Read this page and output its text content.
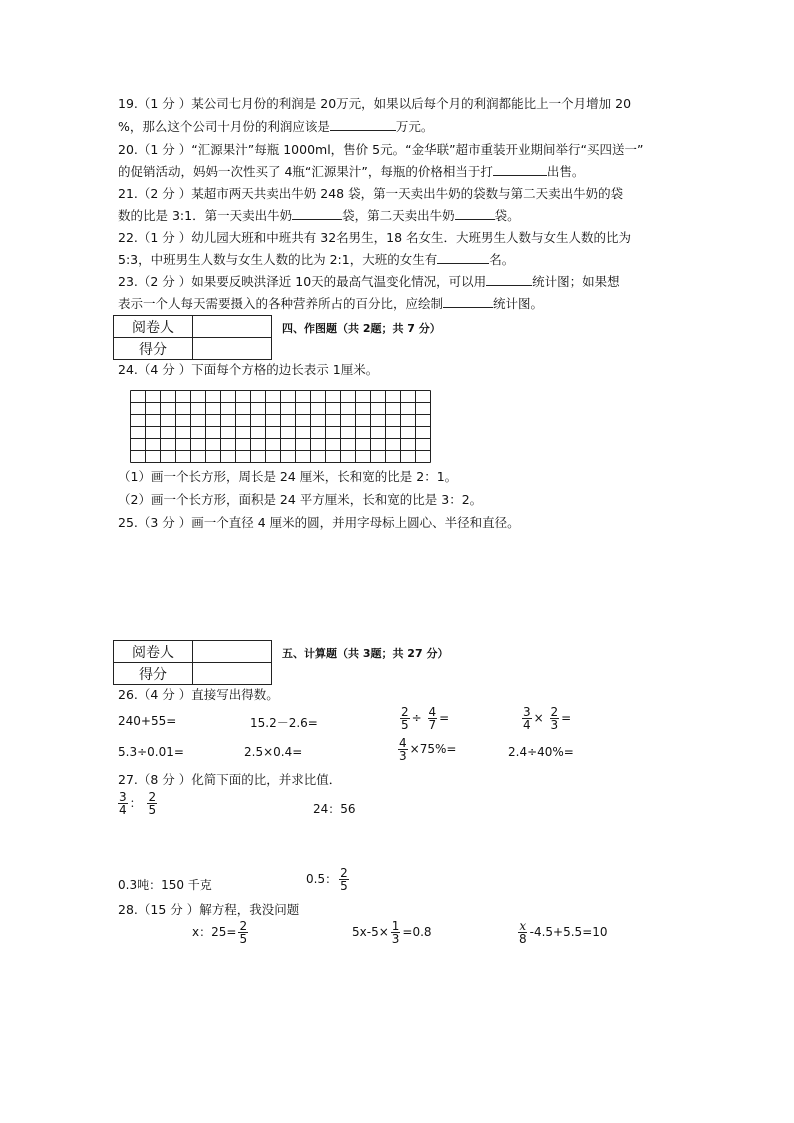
19.（1 分 ）某公司七月份的利润是 20万元，如果以后每个月的利润都能比上一个月增加 20
%，那么这个公司十月份的利润应该是	万元。
20.（1 分 ）“汇源果汁”每瓶 1000ml，售价 5元。“金华联”超市重装开业期间举行“买四送一”
的促销活动，妈妈一次性买了 4瓶“汇源果汁”，每瓶的价格相当于打	出售。
21.（2 分 ）某超市两天共卖出牛奶 248 袋，第一天卖出牛奶的袋数与第二天卖出牛奶的袋
数的比是 3:1．第一天卖出牛奶	袋，第二天卖出牛奶	袋。
22.（1 分 ）幼儿园大班和中班共有 32名男生，18 名女生．大班男生人数与女生人数的比为
5:3，中班男生人数与女生人数的比为 2:1，大班的女生有	名。
23.（2 分 ）如果要反映洪泽近 10天的最高气温变化情况，可以用	统计图；如果想
表示一个人每天需要摄入的各种营养所占的百分比，应绘制	统计图。
阅卷人	
得分	
四、作图题（共 2题；共 7 分）
24.（4 分 ）下面每个方格的边长表示 1厘米。
（1）画一个长方形，周长是 24 厘米，长和宽的比是 2：1。
（2）画一个长方形，面积是 24 平方厘米，长和宽的比是 3：2。
25.（3 分 ）画一个直径 4 厘米的圆，并用字母标上圆心、半径和直径。
阅卷人	
得分	
五、计算题（共 3题；共 27 分）
26.（4 分 ）直接写出得数。
240+55=	15.2－2.6=	$\frac{2}{5} \div \frac{4}{7}$ =	$\frac{3}{4} \times \frac{2}{3}$ =
5.3÷0.01=	2.5×0.4=	$\frac{4}{3} \times 75\%=$	2.4÷40%=
27.（8 分 ）化简下面的比，并求比值．
$\frac{3}{4}$ ： $\frac{2}{5}$	24：56
0.3吨：150 千克	0.5： $\frac{2}{5}$
28.（15 分 ）解方程，我没问题
x：$25= \frac{2}{5}$	$5x-5\times \frac{1}{3} =0.8$	$\frac{x}{8} -4.5+5.5=10$
